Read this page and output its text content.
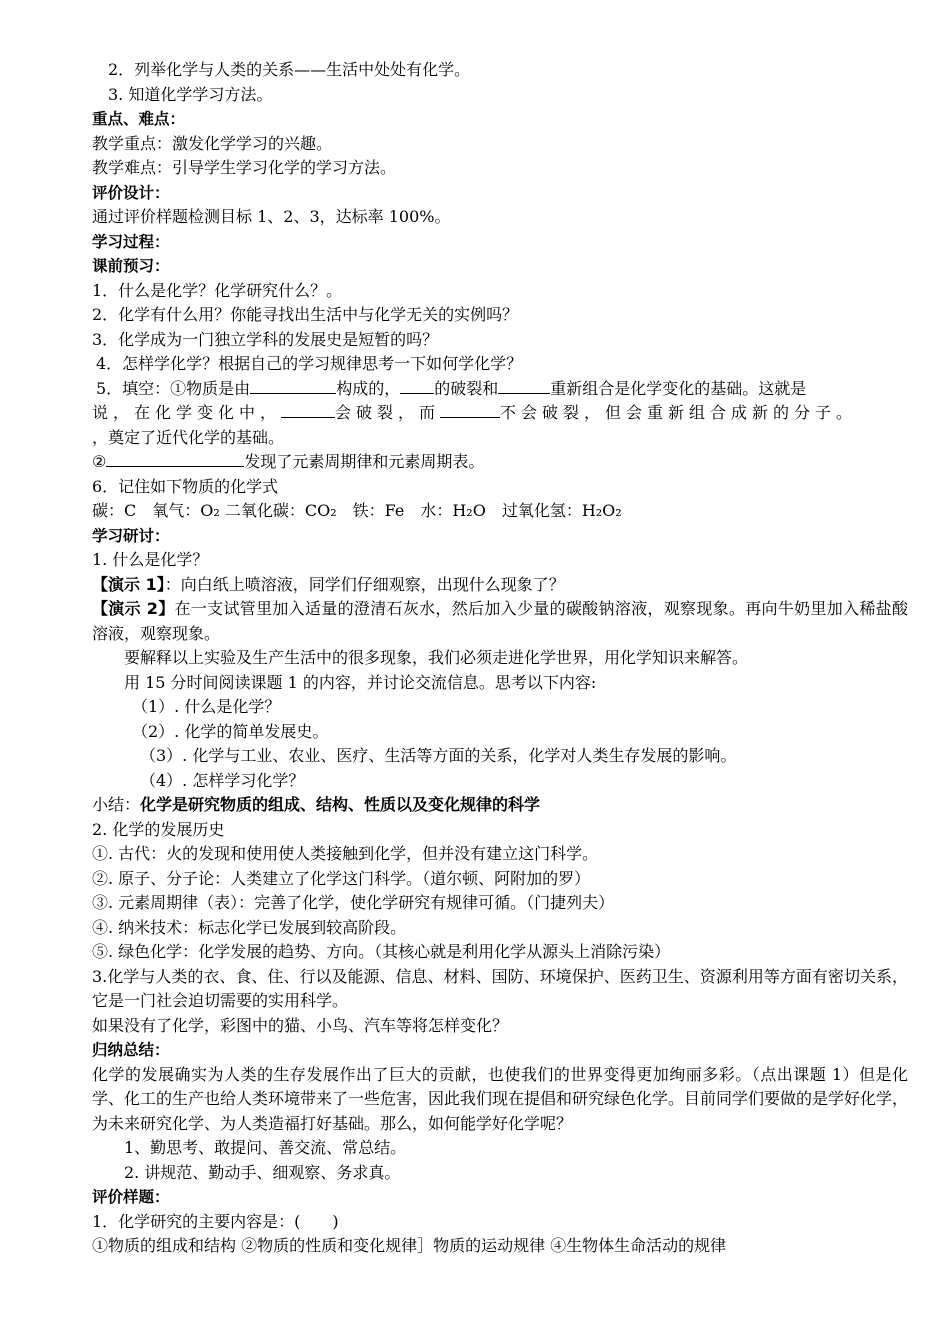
2．列举化学与人类的关系——生活中处处有化学。

3. 知道化学学习方法。

重点、难点：

教学重点：激发化学学习的兴趣。

教学难点：引导学生学习化学的学习方法。

评价设计：

通过评价样题检测目标 1、2、3，达标率 100%。

学习过程：

课前预习：

1．什么是化学？化学研究什么？。

2．化学有什么用？你能寻找出生活中与化学无关的实例吗？

3．化学成为一门独立学科的发展史是短暂的吗？

4．怎样学化学？根据自己的学习规律思考一下如何学化学？

5．填空：①物质是由	构成的， 的破裂和	重新组合是化学变化的基础。这就是

说，在化学变化中，	会破裂，而	不会破裂，但会重新组合成新的分子。

，奠定了近代化学的基础。

②	发现了元素周期律和元素周期表。

6．记住如下物质的化学式

碳：C　氧气：O₂ 二氧化碳：CO₂　铁：Fe　水：H₂O　过氧化氢：H₂O₂

学习研讨：

1. 什么是化学？

【演示 1】：向白纸上喷溶液，同学们仔细观察，出现什么现象了？

【演示 2】在一支试管里加入适量的澄清石灰水，然后加入少量的碳酸钠溶液，观察现象。再向牛奶里加入稀盐酸溶液，观察现象。

要解释以上实验及生产生活中的很多现象，我们必须走进化学世界，用化学知识来解答。

用 15 分时间阅读课题 1 的内容，并讨论交流信息。思考以下内容:

（1）. 什么是化学？

（2）. 化学的简单发展史。

（3）. 化学与工业、农业、医疗、生活等方面的关系，化学对人类生存发展的影响。

（4）. 怎样学习化学？

小结：化学是研究物质的组成、结构、性质以及变化规律的科学

2. 化学的发展历史

①. 古代：火的发现和使用使人类接触到化学，但并没有建立这门科学。

②. 原子、分子论：人类建立了化学这门科学。（道尔顿、阿附加的罗）

③. 元素周期律（表）：完善了化学，使化学研究有规律可循。（门捷列夫）

④. 纳米技术：标志化学已发展到较高阶段。

⑤. 绿色化学：化学发展的趋势、方向。（其核心就是利用化学从源头上消除污染）

3.化学与人类的衣、食、住、行以及能源、信息、材料、国防、环境保护、医药卫生、资源利用等方面有密切关系，它是一门社会迫切需要的实用科学。

如果没有了化学，彩图中的猫、小鸟、汽车等将怎样变化？

归纳总结：

化学的发展确实为人类的生存发展作出了巨大的贡献，也使我们的世界变得更加绚丽多彩。（点出课题 1）但是化学、化工的生产也给人类环境带来了一些危害，因此我们现在提倡和研究绿色化学。目前同学们要做的是学好化学，为未来研究化学、为人类造福打好基础。那么，如何能学好化学呢？

1、勤思考、敢提问、善交流、常总结。

2. 讲规范、勤动手、细观察、务求真。

评价样题：

1．化学研究的主要内容是：(　　)

①物质的组成和结构 ②物质的性质和变化规律］物质的运动规律 ④生物体生命活动的规律
